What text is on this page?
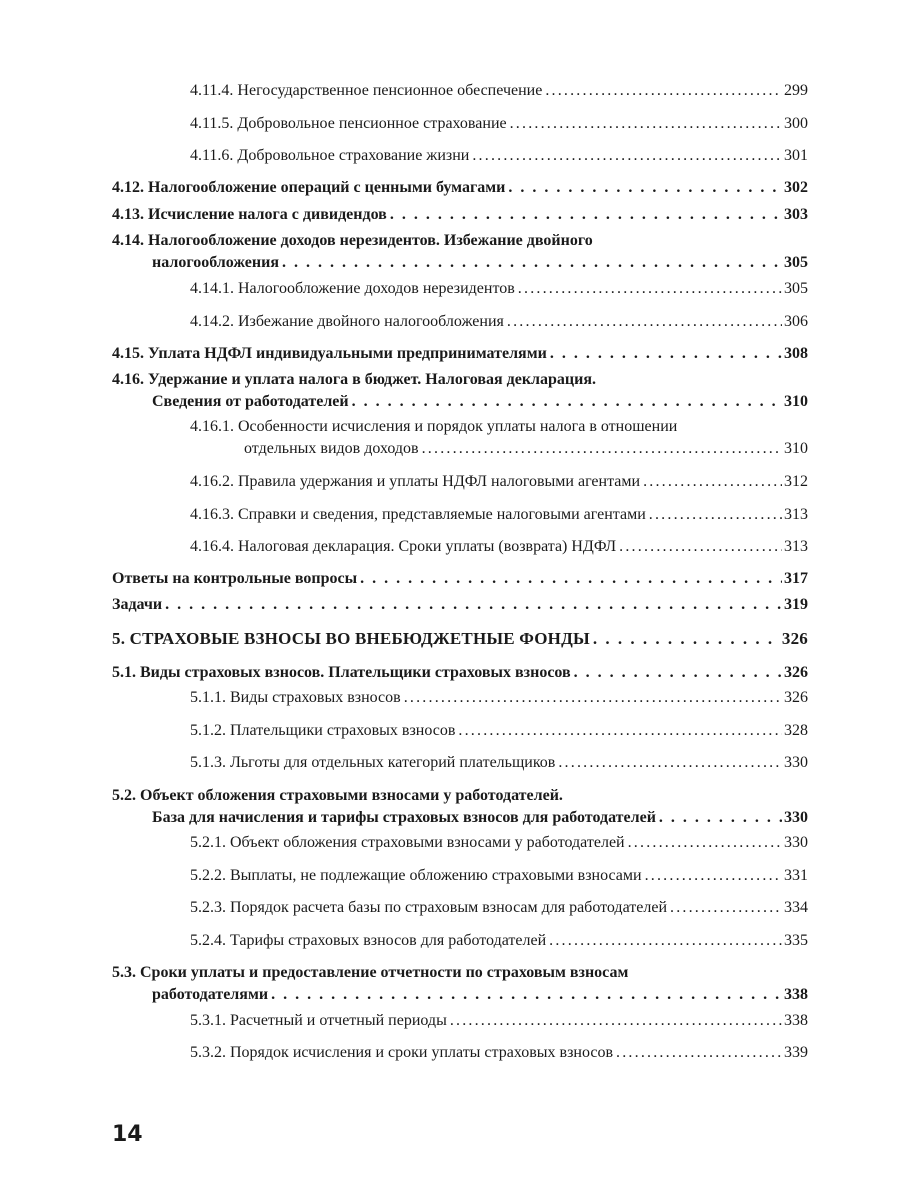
4.11.4. Негосударственное пенсионное обеспечение .....	299
4.11.5. Добровольное пенсионное страхование .....	300
4.11.6. Добровольное страхование жизни .....	301
4.12. Налогообложение операций с ценными бумагами . . .	302
4.13. Исчисление налога с дивидендов . . .	303
4.14. Налогообложение доходов нерезидентов. Избежание двойного
налогообложения . . .	305
4.14.1. Налогообложение доходов нерезидентов .....	305
4.14.2. Избежание двойного налогообложения .....	306
4.15. Уплата НДФЛ индивидуальными предпринимателями . . .	308
4.16. Удержание и уплата налога в бюджет. Налоговая декларация.
Сведения от работодателей . . .	310
4.16.1. Особенности исчисления и порядок уплаты налога в отношении
отдельных видов доходов .....	310
4.16.2. Правила удержания и уплаты НДФЛ налоговыми агентами .....	312
4.16.3. Справки и сведения, представляемые налоговыми агентами .....	313
4.16.4. Налоговая декларация. Сроки уплаты (возврата) НДФЛ .....	313
Ответы на контрольные вопросы . . .	317
Задачи . . .	319
5. СТРАХОВЫЕ ВЗНОСЫ ВО ВНЕБЮДЖЕТНЫЕ ФОНДЫ . . .	326
5.1. Виды страховых взносов. Плательщики страховых взносов . . .	326
5.1.1. Виды страховых взносов .....	326
5.1.2. Плательщики страховых взносов .....	328
5.1.3. Льготы для отдельных категорий плательщиков .....	330
5.2. Объект обложения страховыми взносами у работодателей.
База для начисления и тарифы страховых взносов для работодателей . . .	330
5.2.1. Объект обложения страховыми взносами у работодателей .....	330
5.2.2. Выплаты, не подлежащие обложению страховыми взносами .....	331
5.2.3. Порядок расчета базы по страховым взносам для работодателей .....	334
5.2.4. Тарифы страховых взносов для работодателей .....	335
5.3. Сроки уплаты и предоставление отчетности по страховым взносам
работодателями . . .	338
5.3.1. Расчетный и отчетный периоды .....	338
5.3.2. Порядок исчисления и сроки уплаты страховых взносов .....	339
14
